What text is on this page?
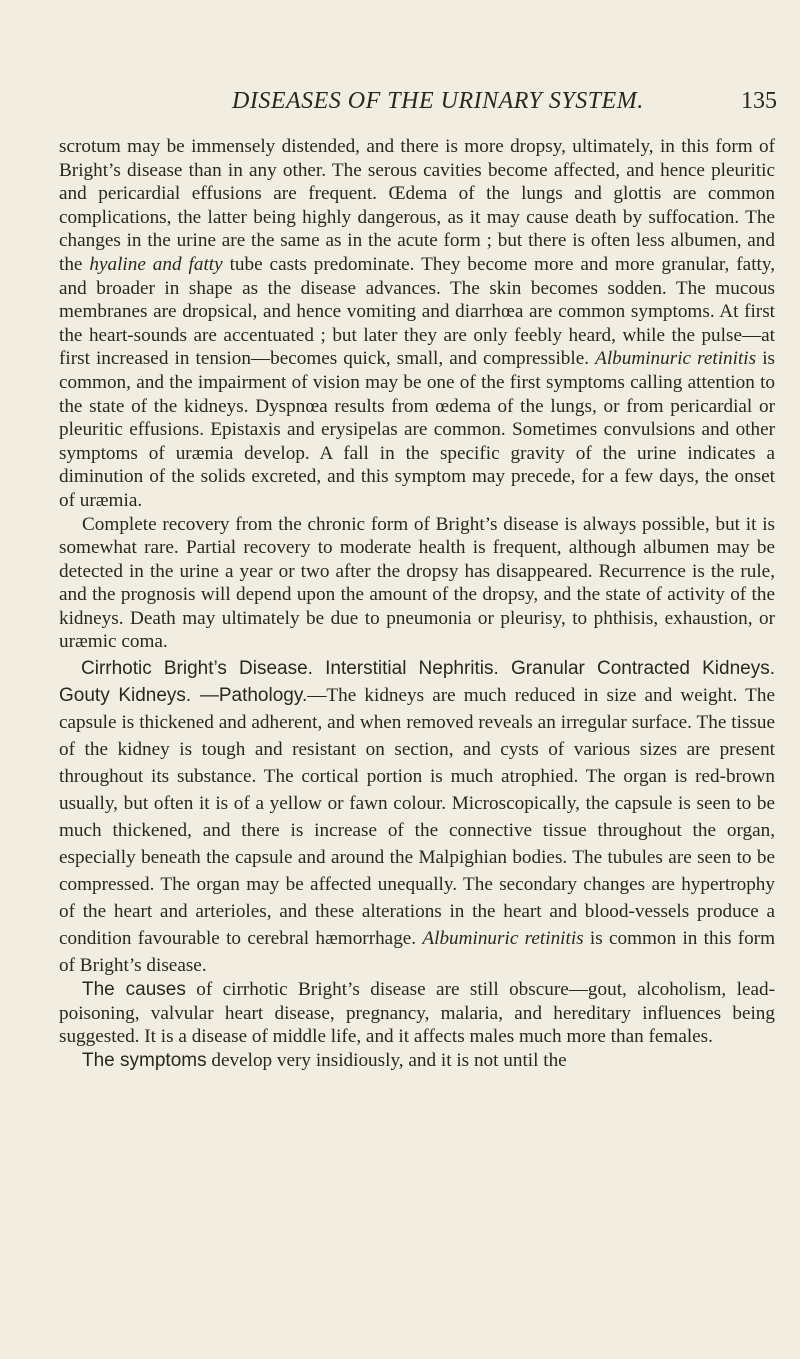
DISEASES OF THE URINARY SYSTEM.	135

scrotum may be immensely distended, and there is more dropsy, ultimately, in this form of Bright’s disease than in any other. The serous cavities become affected, and hence pleuritic and pericardial effusions are frequent. Œdema of the lungs and glottis are common complications, the latter being highly dangerous, as it may cause death by suffocation. The changes in the urine are the same as in the acute form ; but there is often less albumen, and the hyaline and fatty tube casts predominate. They become more and more granular, fatty, and broader in shape as the disease advances. The skin becomes sodden. The mucous membranes are dropsical, and hence vomiting and diarrhœa are common symptoms. At first the heart-sounds are accentuated ; but later they are only feebly heard, while the pulse—at first increased in tension—becomes quick, small, and compressible. Albuminuric retinitis is common, and the impairment of vision may be one of the first symptoms calling attention to the state of the kidneys. Dyspnœa results from œdema of the lungs, or from pericardial or pleuritic effusions. Epistaxis and erysipelas are common. Sometimes convulsions and other symptoms of uræmia develop. A fall in the specific gravity of the urine indicates a diminution of the solids excreted, and this symptom may precede, for a few days, the onset of uræmia.

Complete recovery from the chronic form of Bright’s disease is always possible, but it is somewhat rare. Partial recovery to moderate health is frequent, although albumen may be detected in the urine a year or two after the dropsy has disappeared. Recurrence is the rule, and the prognosis will depend upon the amount of the dropsy, and the state of activity of the kidneys. Death may ultimately be due to pneumonia or pleurisy, to phthisis, exhaustion, or uræmic coma.

Cirrhotic Bright’s Disease. Interstitial Nephritis. Granular Contracted Kidneys. Gouty Kidneys. —Pathology.—The kidneys are much reduced in size and weight. The capsule is thickened and adherent, and when removed reveals an irregular surface. The tissue of the kidney is tough and resistant on section, and cysts of various sizes are present throughout its substance. The cortical portion is much atrophied. The organ is red-brown usually, but often it is of a yellow or fawn colour. Microscopically, the capsule is seen to be much thickened, and there is increase of the connective tissue throughout the organ, especially beneath the capsule and around the Malpighian bodies. The tubules are seen to be compressed. The organ may be affected unequally. The secondary changes are hypertrophy of the heart and arterioles, and these alterations in the heart and blood-vessels produce a condition favourable to cerebral hæmorrhage. Albuminuric retinitis is common in this form of Bright’s disease.

The causes of cirrhotic Bright’s disease are still obscure—gout, alcoholism, lead-poisoning, valvular heart disease, pregnancy, malaria, and hereditary influences being suggested. It is a disease of middle life, and it affects males much more than females.

The symptoms develop very insidiously, and it is not until the
